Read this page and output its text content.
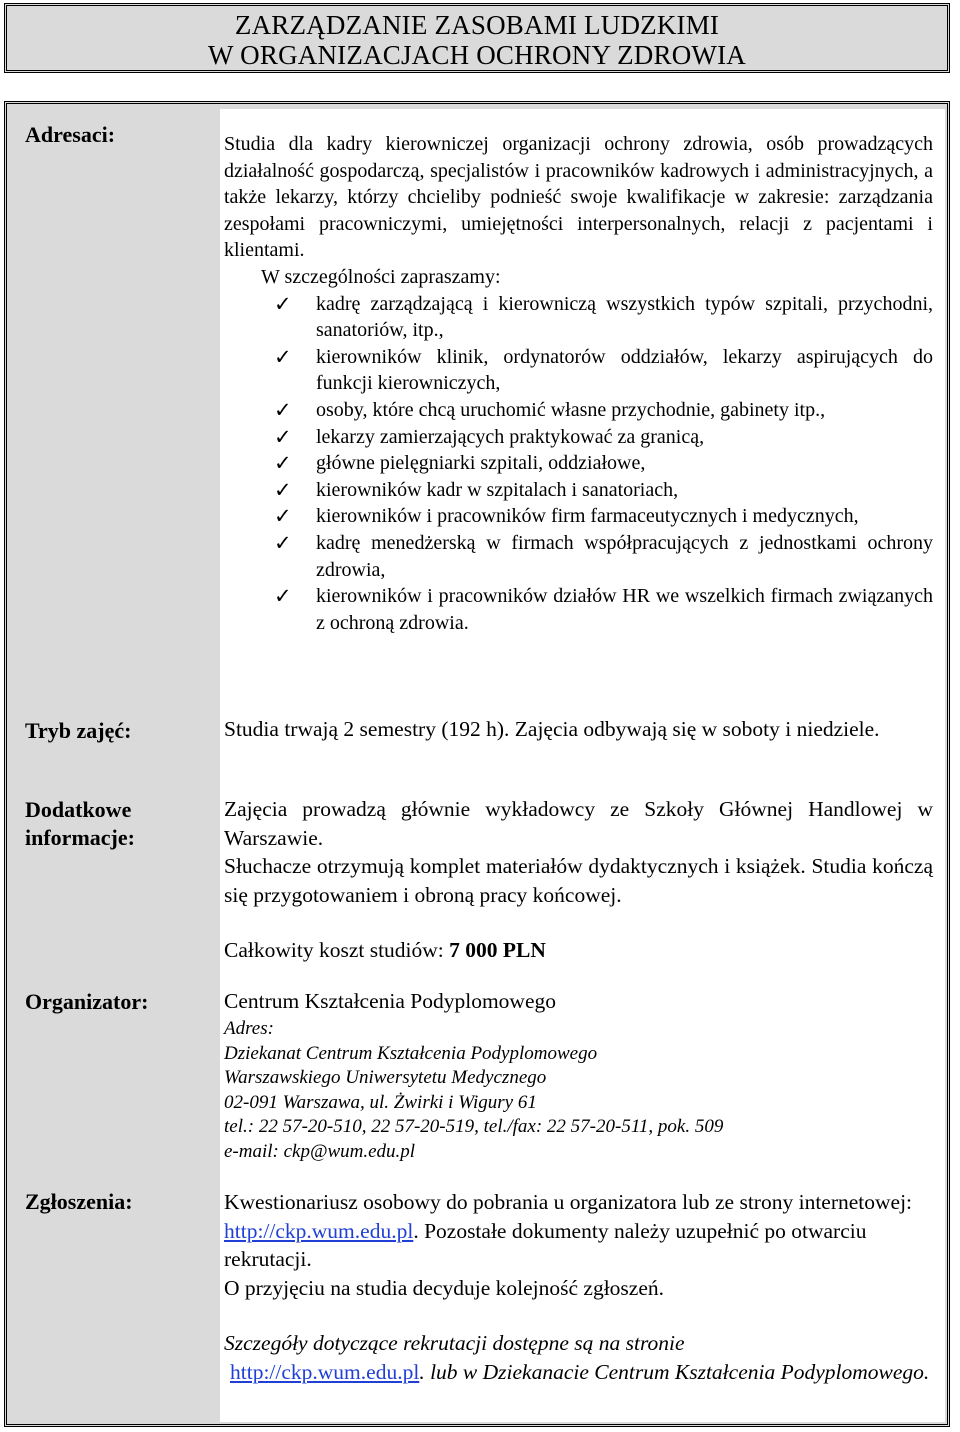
ZARZĄDZANIE ZASOBAMI LUDZKIMI
W ORGANIZACJACH OCHRONY ZDROWIA
Adresaci:
Tryb zajęć:
Dodatkowe
informacje:
Organizator:
Zgłoszenia:
Studia dla kadry kierowniczej organizacji ochrony zdrowia, osób prowadzących działalność gospodarczą, specjalistów i pracowników kadrowych i administracyjnych, a także lekarzy, którzy chcieliby podnieść swoje kwalifikacje w zakresie: zarządzania zespołami pracowniczymi, umiejętności interpersonalnych, relacji z pacjentami i klientami.
W szczególności zapraszamy:
✓ kadrę zarządzającą i kierowniczą wszystkich typów szpitali, przychodni, sanatoriów, itp.,
✓ kierowników klinik, ordynatorów oddziałów, lekarzy aspirujących do funkcji kierowniczych,
✓ osoby, które chcą uruchomić własne przychodnie, gabinety itp.,
✓ lekarzy zamierzających praktykować za granicą,
✓ główne pielęgniarki szpitali, oddziałowe,
✓ kierowników kadr w szpitalach i sanatoriach,
✓ kierowników i pracowników firm farmaceutycznych i medycznych,
✓ kadrę menedżerską w firmach współpracujących z jednostkami ochrony zdrowia,
✓ kierowników i pracowników działów HR we wszelkich firmach związanych z ochroną zdrowia.
Studia trwają 2 semestry (192 h). Zajęcia odbywają się w soboty i niedziele.
Zajęcia prowadzą głównie wykładowcy ze Szkoły Głównej Handlowej w Warszawie.
Słuchacze otrzymują komplet materiałów dydaktycznych i książek. Studia kończą się przygotowaniem i obroną pracy końcowej.
Całkowity koszt studiów: 7 000 PLN
Centrum Kształcenia Podyplomowego
Adres:
Dziekanat Centrum Kształcenia Podyplomowego
Warszawskiego Uniwersytetu Medycznego
02-091 Warszawa, ul. Żwirki i Wigury 61
tel.: 22 57-20-510, 22 57-20-519, tel./fax: 22 57-20-511, pok. 509
e-mail: ckp@wum.edu.pl
Kwestionariusz osobowy do pobrania u organizatora lub ze strony internetowej: http://ckp.wum.edu.pl. Pozostałe dokumenty należy uzupełnić po otwarciu rekrutacji.
O przyjęciu na studia decyduje kolejność zgłoszeń.
Szczegóły dotyczące rekrutacji dostępne są na stronie
http://ckp.wum.edu.pl. lub w Dziekanacie Centrum Kształcenia Podyplomowego.
